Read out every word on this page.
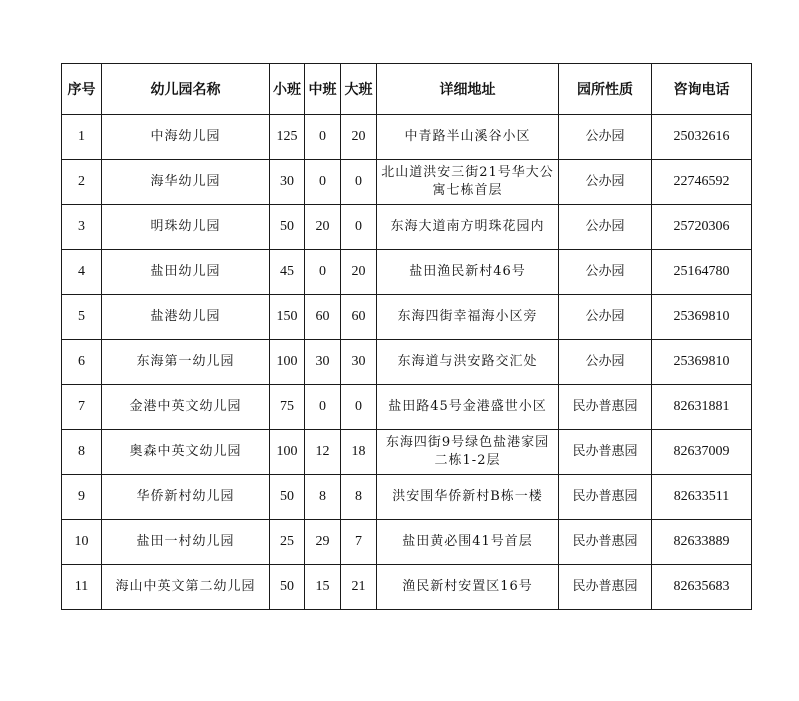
序号	幼儿园名称	小班	中班	大班	详细地址	园所性质	咨询电话
1	中海幼儿园	125	0	20	中青路半山溪谷小区	公办园	25032616
2	海华幼儿园	30	0	0	北山道洪安三街21号华大公寓七栋首层	公办园	22746592
3	明珠幼儿园	50	20	0	东海大道南方明珠花园内	公办园	25720306
4	盐田幼儿园	45	0	20	盐田渔民新村46号	公办园	25164780
5	盐港幼儿园	150	60	60	东海四街幸福海小区旁	公办园	25369810
6	东海第一幼儿园	100	30	30	东海道与洪安路交汇处	公办园	25369810
7	金港中英文幼儿园	75	0	0	盐田路45号金港盛世小区	民办普惠园	82631881
8	奥森中英文幼儿园	100	12	18	东海四街9号绿色盐港家园二栋1-2层	民办普惠园	82637009
9	华侨新村幼儿园	50	8	8	洪安围华侨新村B栋一楼	民办普惠园	82633511
10	盐田一村幼儿园	25	29	7	盐田黄必围41号首层	民办普惠园	82633889
11	海山中英文第二幼儿园	50	15	21	渔民新村安置区16号	民办普惠园	82635683
